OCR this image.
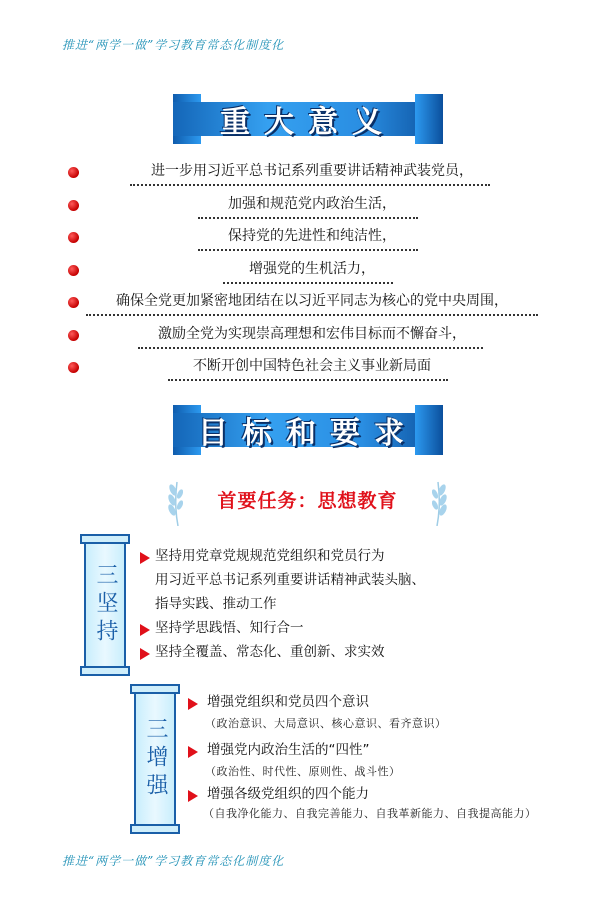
推进“两学一做”学习教育常态化制度化
重大意义
进一步用习近平总书记系列重要讲话精神武装党员，
加强和规范党内政治生活，
保持党的先进性和纯洁性，
增强党的生机活力，
确保全党更加紧密地团结在以习近平同志为核心的党中央周围，
激励全党为实现崇高理想和宏伟目标而不懈奋斗，
不断开创中国特色社会主义事业新局面
目标和要求
首要任务：思想教育
三坚持
坚持用党章党规规范党组织和党员行为
用习近平总书记系列重要讲话精神武装头脑、
指导实践、推动工作
坚持学思践悟、知行合一
坚持全覆盖、常态化、重创新、求实效
三增强
增强党组织和党员四个意识
（政治意识、大局意识、核心意识、看齐意识）
增强党内政治生活的“四性”
（政治性、时代性、原则性、战斗性）
增强各级党组织的四个能力
（自我净化能力、自我完善能力、自我革新能力、自我提高能力）
推进“两学一做”学习教育常态化制度化
